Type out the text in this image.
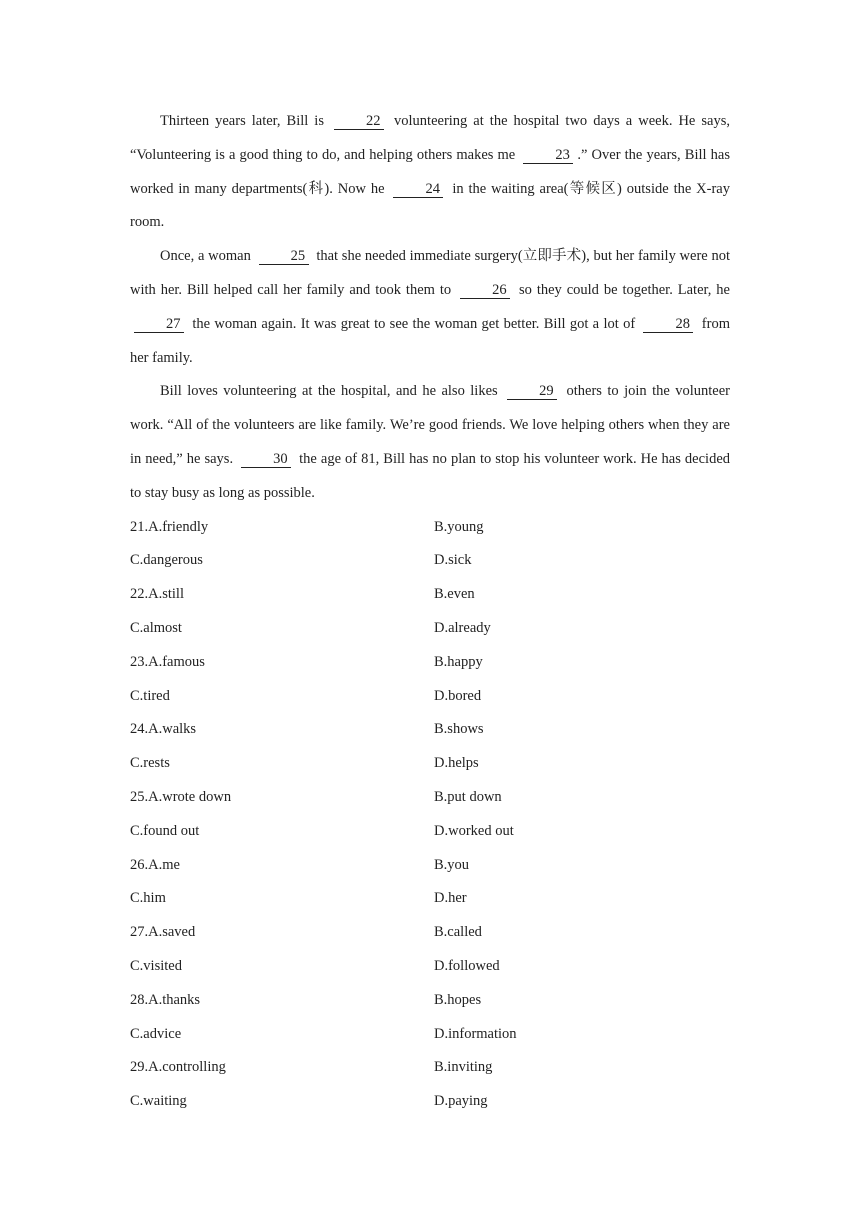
Thirteen years later, Bill is 22 volunteering at the hospital two days a week. He says, “Volunteering is a good thing to do, and helping others makes me 23 .” Over the years, Bill has worked in many departments(科). Now he 24 in the waiting area(等候区) outside the X-ray room.

Once, a woman 25 that she needed immediate surgery(立即手术), but her family were not with her. Bill helped call her family and took them to 26 so they could be together. Later, he 27 the woman again. It was great to see the woman get better. Bill got a lot of 28 from her family.

Bill loves volunteering at the hospital, and he also likes 29 others to join the volunteer work. “All of the volunteers are like family. We’re good friends. We love helping others when they are in need,” he says. 30 the age of 81, Bill has no plan to stop his volunteer work. He has decided to stay busy as long as possible.

21.A.friendly	B.young
C.dangerous	D.sick
22.A.still	B.even
C.almost	D.already
23.A.famous	B.happy
C.tired	D.bored
24.A.walks	B.shows
C.rests	D.helps
25.A.wrote down	B.put down
C.found out	D.worked out
26.A.me	B.you
C.him	D.her
27.A.saved	B.called
C.visited	D.followed
28.A.thanks	B.hopes
C.advice	D.information
29.A.controlling	B.inviting
C.waiting	D.paying
